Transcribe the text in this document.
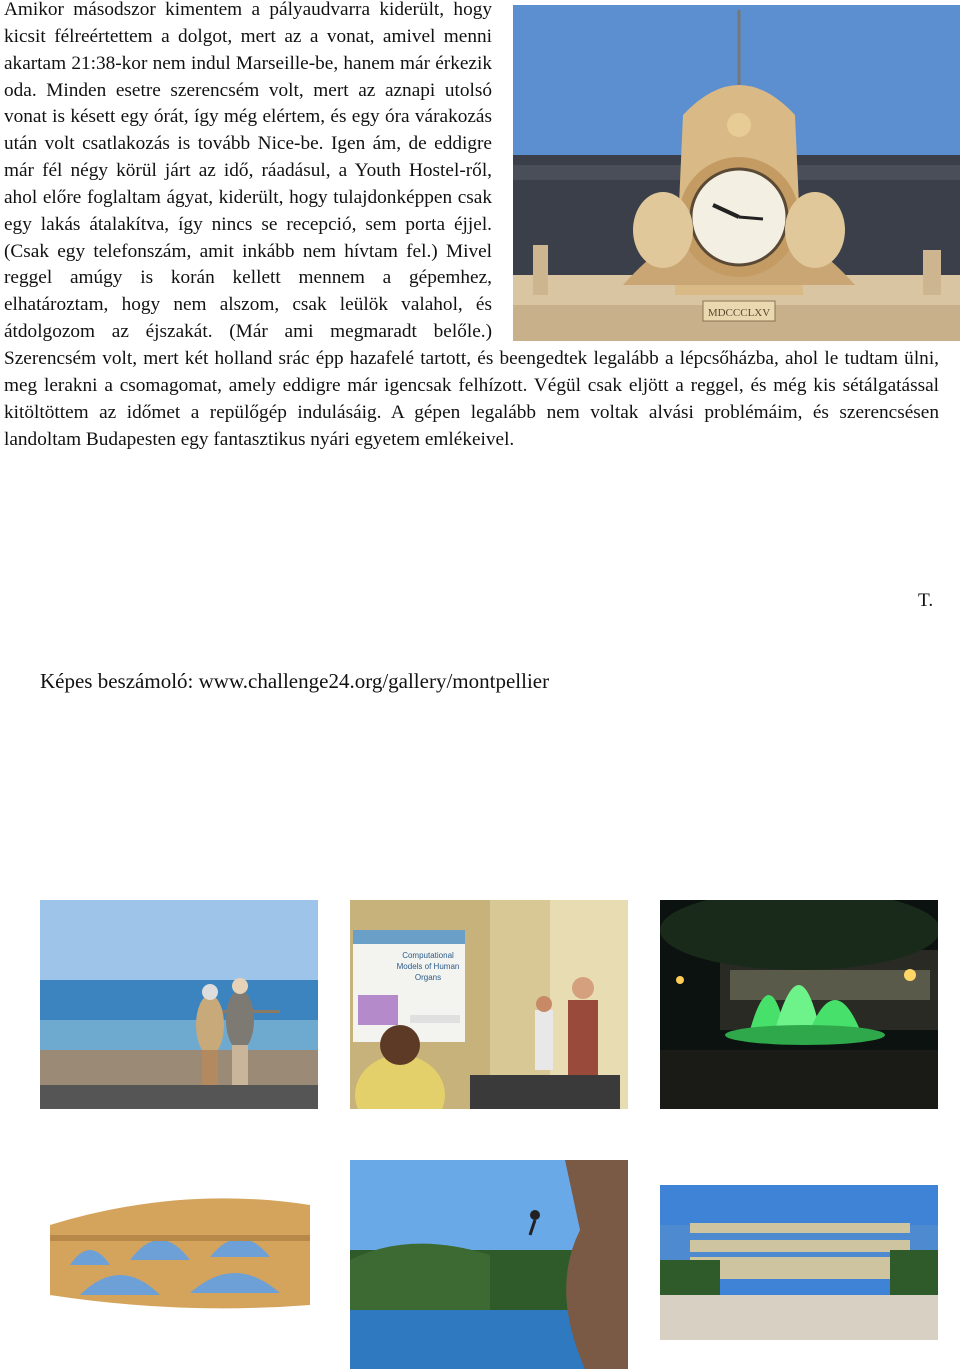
Amikor másodszor kimentem a pályaudvarra kiderült, hogy kicsit félreértettem a dolgot, mert az a vonat, amivel menni akartam 21:38-kor nem indul Marseille-be, hanem már érkezik oda. Minden esetre szerencsém volt, mert az aznapi utolsó vonat is késett egy órát, így még elértem, és egy óra várakozás után volt csatlakozás is tovább Nice-be. Igen ám, de eddigre már fél négy körül járt az idő, ráadásul, a Youth Hostel-ről, ahol előre foglaltam ágyat, kiderült, hogy tulajdonképpen csak egy lakás átalakítva, így nincs se recepció, sem porta éjjel. (Csak egy telefonszám, amit inkább nem hívtam fel.) Mivel reggel amúgy is korán kellett mennem a gépemhez, elhatároztam, hogy nem alszom, csak leülök valahol, és átdolgozom az éjszakát. (Már ami megmaradt belőle.) Szerencsém volt, mert két holland srác épp hazafelé tartott, és beengedtek legalább a lépcsőházba, ahol le tudtam ülni, meg lerakni a csomagomat, amely eddigre már igencsak felhízott. Végül csak eljött a reggel, és még kis sétálgatással kitöltöttem az időmet a repülőgép indulásáig. A gépen legalább nem voltak alvási problémáim, és szerencsésen landoltam Budapesten egy fantasztikus nyári egyetem emlékeivel.
MDCCCLXV
T.
Képes beszámoló: www.challenge24.org/gallery/montpellier
Computational
Models of Human
Organs
